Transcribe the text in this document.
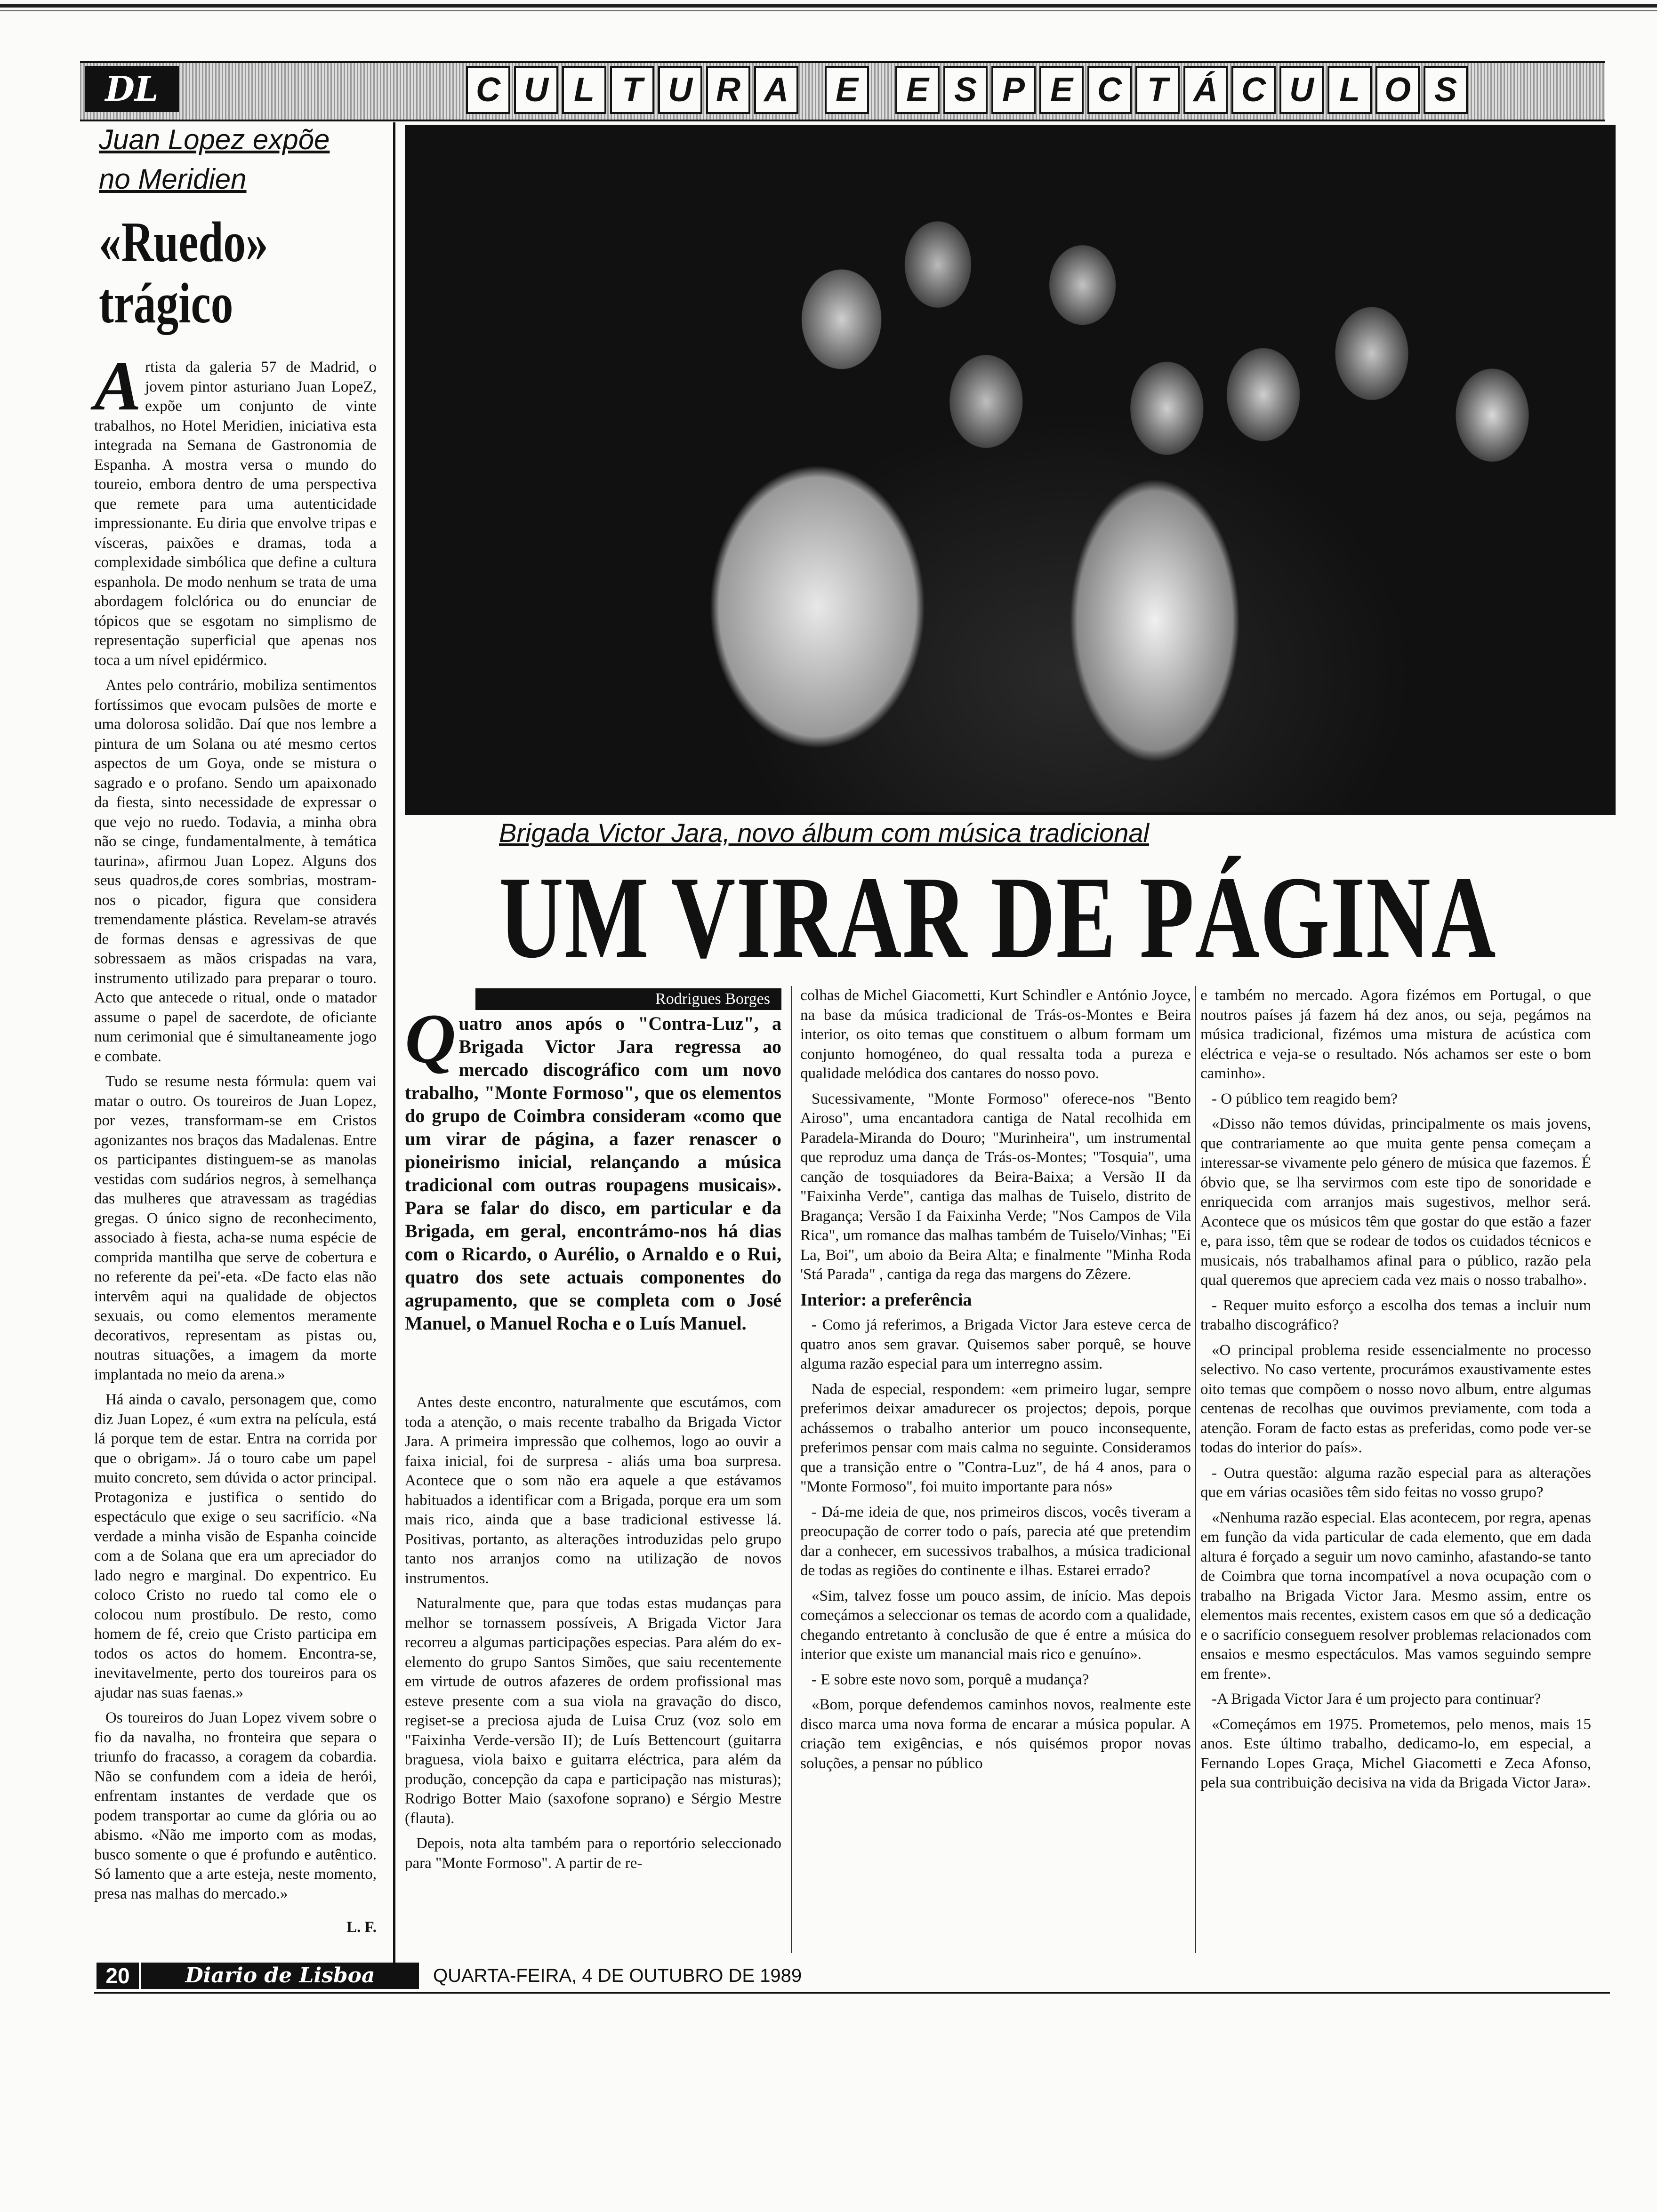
DL	C U L T U R A	E	E S P E C T Á C U L O S
Juan Lopez expõe
no Meridien
«Ruedo»
trágico

Artista da galeria 57 de Madrid, o jovem pintor asturiano Juan LopeZ, expõe um conjunto de vinte trabalhos, no Hotel Meridien, iniciativa esta integrada na Semana de Gastronomia de Espanha. A mostra versa o mundo do toureio, embora dentro de uma perspectiva que remete para uma autenticidade impressionante. Eu diria que envolve tripas e vísceras, paixões e dramas, toda a complexidade simbólica que define a cultura espanhola. De modo nenhum se trata de uma abordagem folclórica ou do enunciar de tópicos que se esgotam no simplismo de representação superficial que apenas nos toca a um nível epidérmico.

Antes pelo contrário, mobiliza sentimentos fortíssimos que evocam pulsões de morte e uma dolorosa solidão. Daí que nos lembre a pintura de um Solana ou até mesmo certos aspectos de um Goya, onde se mistura o sagrado e o profano. Sendo um apaixonado da fiesta, sinto necessidade de expressar o que vejo no ruedo. Todavia, a minha obra não se cinge, fundamentalmente, à temática taurina», afirmou Juan Lopez. Alguns dos seus quadros,de cores sombrias, mostram-nos o picador, figura que considera tremendamente plástica. Revelam-se através de formas densas e agressivas de que sobressaem as mãos crispadas na vara, instrumento utilizado para preparar o touro. Acto que antecede o ritual, onde o matador assume o papel de sacerdote, de oficiante num cerimonial que é simultaneamente jogo e combate.

Tudo se resume nesta fórmula: quem vai matar o outro. Os toureiros de Juan Lopez, por vezes, transformam-se em Cristos agonizantes nos braços das Madalenas. Entre os participantes distinguem-se as manolas vestidas com sudários negros, à semelhança das mulheres que atravessam as tragédias gregas. O único signo de reconhecimento, associado à fiesta, acha-se numa espécie de comprida mantilha que serve de cobertura e no referente da pei'-eta. «De facto elas não intervêm aqui na qualidade de objectos sexuais, ou como elementos meramente decorativos, representam as pistas ou, noutras situações, a imagem da morte implantada no meio da arena.»

Há ainda o cavalo, personagem que, como diz Juan Lopez, é «um extra na película, está lá porque tem de estar. Entra na corrida por que o obrigam». Já o touro cabe um papel muito concreto, sem dúvida o actor principal. Protagoniza e justifica o sentido do espectáculo que exige o seu sacrifício. «Na verdade a minha visão de Espanha coincide com a de Solana que era um apreciador do lado negro e marginal. Do expentrico. Eu coloco Cristo no ruedo tal como ele o colocou num prostíbulo. De resto, como homem de fé, creio que Cristo participa em todos os actos do homem. Encontra-se, inevitavelmente, perto dos toureiros para os ajudar nas suas faenas.»

Os toureiros do Juan Lopez vivem sobre o fio da navalha, no fronteira que separa o triunfo do fracasso, a coragem da cobardia. Não se confundem com a ideia de herói, enfrentam instantes de verdade que os podem transportar ao cume da glória ou ao abismo. «Não me importo com as modas, busco somente o que é profundo e autêntico. Só lamento que a arte esteja, neste momento, presa nas malhas do mercado.»

L. F.
Brigada Victor Jara, novo álbum com música tradicional
UM VIRAR DE PÁGINA
Rodrigues Borges
Quatro anos após o "Contra-Luz", a Brigada Victor Jara regressa ao mercado discográfico com um novo trabalho, "Monte Formoso", que os elementos do grupo de Coimbra consideram «como que um virar de página, a fazer renascer o pioneirismo inicial, relançando a música tradicional com outras roupagens musicais». Para se falar do disco, em particular e da Brigada, em geral, encontrámo-nos há dias com o Ricardo, o Aurélio, o Arnaldo e o Rui, quatro dos sete actuais componentes do agrupamento, que se completa com o José Manuel, o Manuel Rocha e o Luís Manuel.

Antes deste encontro, naturalmente que escutámos, com toda a atenção, o mais recente trabalho da Brigada Victor Jara. A primeira impressão que colhemos, logo ao ouvir a faixa inicial, foi de surpresa - aliás uma boa surpresa. Acontece que o som não era aquele a que estávamos habituados a identificar com a Brigada, porque era um som mais rico, ainda que a base tradicional estivesse lá. Positivas, portanto, as alterações introduzidas pelo grupo tanto nos arranjos como na utilização de novos instrumentos.

Naturalmente que, para que todas estas mudanças para melhor se tornassem possíveis, A Brigada Victor Jara recorreu a algumas participações especias. Para além do ex-elemento do grupo Santos Simões, que saiu recentemente em virtude de outros afazeres de ordem profissional mas esteve presente com a sua viola na gravação do disco, regiset-se a preciosa ajuda de Luisa Cruz (voz solo em "Faixinha Verde-versão II); de Luís Bettencourt (guitarra braguesa, viola baixo e guitarra eléctrica, para além da produção, concepção da capa e participação nas misturas); Rodrigo Botter Maio (saxofone soprano) e Sérgio Mestre (flauta).

Depois, nota alta também para o reportório seleccionado para "Monte Formoso". A partir de re-

colhas de Michel Giacometti, Kurt Schindler e António Joyce, na base da música tradicional de Trás-os-Montes e Beira interior, os oito temas que constituem o album formam um conjunto homogéneo, do qual ressalta toda a pureza e qualidade melódica dos cantares do nosso povo.

Sucessivamente, "Monte Formoso" oferece-nos "Bento Airoso", uma encantadora cantiga de Natal recolhida em Paradela-Miranda do Douro; "Murinheira", um instrumental que reproduz uma dança de Trás-os-Montes; "Tosquia", uma canção de tosquiadores da Beira-Baixa; a Versão II da "Faixinha Verde", cantiga das malhas de Tuiselo, distrito de Bragança; Versão I da Faixinha Verde; "Nos Campos de Vila Rica", um romance das malhas também de Tuiselo/Vinhas; "Ei La, Boi", um aboio da Beira Alta; e finalmente "Minha Roda 'Stá Parada" , cantiga da rega das margens do Zêzere.

Interior: a preferência

- Como já referimos, a Brigada Victor Jara esteve cerca de quatro anos sem gravar. Quisemos saber porquê, se houve alguma razão especial para um interregno assim.

Nada de especial, respondem: «em primeiro lugar, sempre preferimos deixar amadurecer os projectos; depois, porque achássemos o trabalho anterior um pouco inconsequente, preferimos pensar com mais calma no seguinte. Consideramos que a transição entre o "Contra-Luz", de há 4 anos, para o "Monte Formoso", foi muito importante para nós»

- Dá-me ideia de que, nos primeiros discos, vocês tiveram a preocupação de correr todo o país, parecia até que pretendim dar a conhecer, em sucessivos trabalhos, a música tradicional de todas as regiões do continente e ilhas. Estarei errado?

«Sim, talvez fosse um pouco assim, de início. Mas depois começámos a seleccionar os temas de acordo com a qualidade, chegando entretanto à conclusão de que é entre a música do interior que existe um manancial mais rico e genuíno».

- E sobre este novo som, porquê a mudança?

«Bom, porque defendemos caminhos novos, realmente este disco marca uma nova forma de encarar a música popular. A criação tem exigências, e nós quisémos propor novas soluções, a pensar no público

e também no mercado. Agora fizémos em Portugal, o que noutros países já fazem há dez anos, ou seja, pegámos na música tradicional, fizémos uma mistura de acústica com eléctrica e veja-se o resultado. Nós achamos ser este o bom caminho».

- O público tem reagido bem?

«Disso não temos dúvidas, principalmente os mais jovens, que contrariamente ao que muita gente pensa começam a interessar-se vivamente pelo género de música que fazemos. É óbvio que, se lha servirmos com este tipo de sonoridade e enriquecida com arranjos mais sugestivos, melhor será. Acontece que os músicos têm que gostar do que estão a fazer e, para isso, têm que se rodear de todos os cuidados técnicos e musicais, nós trabalhamos afinal para o público, razão pela qual queremos que apreciem cada vez mais o nosso trabalho».

- Requer muito esforço a escolha dos temas a incluir num trabalho discográfico?

«O principal problema reside essencialmente no processo selectivo. No caso vertente, procurámos exaustivamente estes oito temas que compõem o nosso novo album, entre algumas centenas de recolhas que ouvimos previamente, com toda a atenção. Foram de facto estas as preferidas, como pode ver-se todas do interior do país».

- Outra questão: alguma razão especial para as alterações que em várias ocasiões têm sido feitas no vosso grupo?

«Nenhuma razão especial. Elas acontecem, por regra, apenas em função da vida particular de cada elemento, que em dada altura é forçado a seguir um novo caminho, afastando-se tanto de Coimbra que torna incompatível a nova ocupação com o trabalho na Brigada Victor Jara. Mesmo assim, entre os elementos mais recentes, existem casos em que só a dedicação e o sacrifício conseguem resolver problemas relacionados com ensaios e mesmo espectáculos. Mas vamos seguindo sempre em frente».

-A Brigada Victor Jara é um projecto para continuar?

«Começámos em 1975. Prometemos, pelo menos, mais 15 anos. Este último trabalho, dedicamo-lo, em especial, a Fernando Lopes Graça, Michel Giacometti e Zeca Afonso, pela sua contribuição decisiva na vida da Brigada Victor Jara».

20	Diario de Lisboa	QUARTA-FEIRA, 4 DE OUTUBRO DE 1989
